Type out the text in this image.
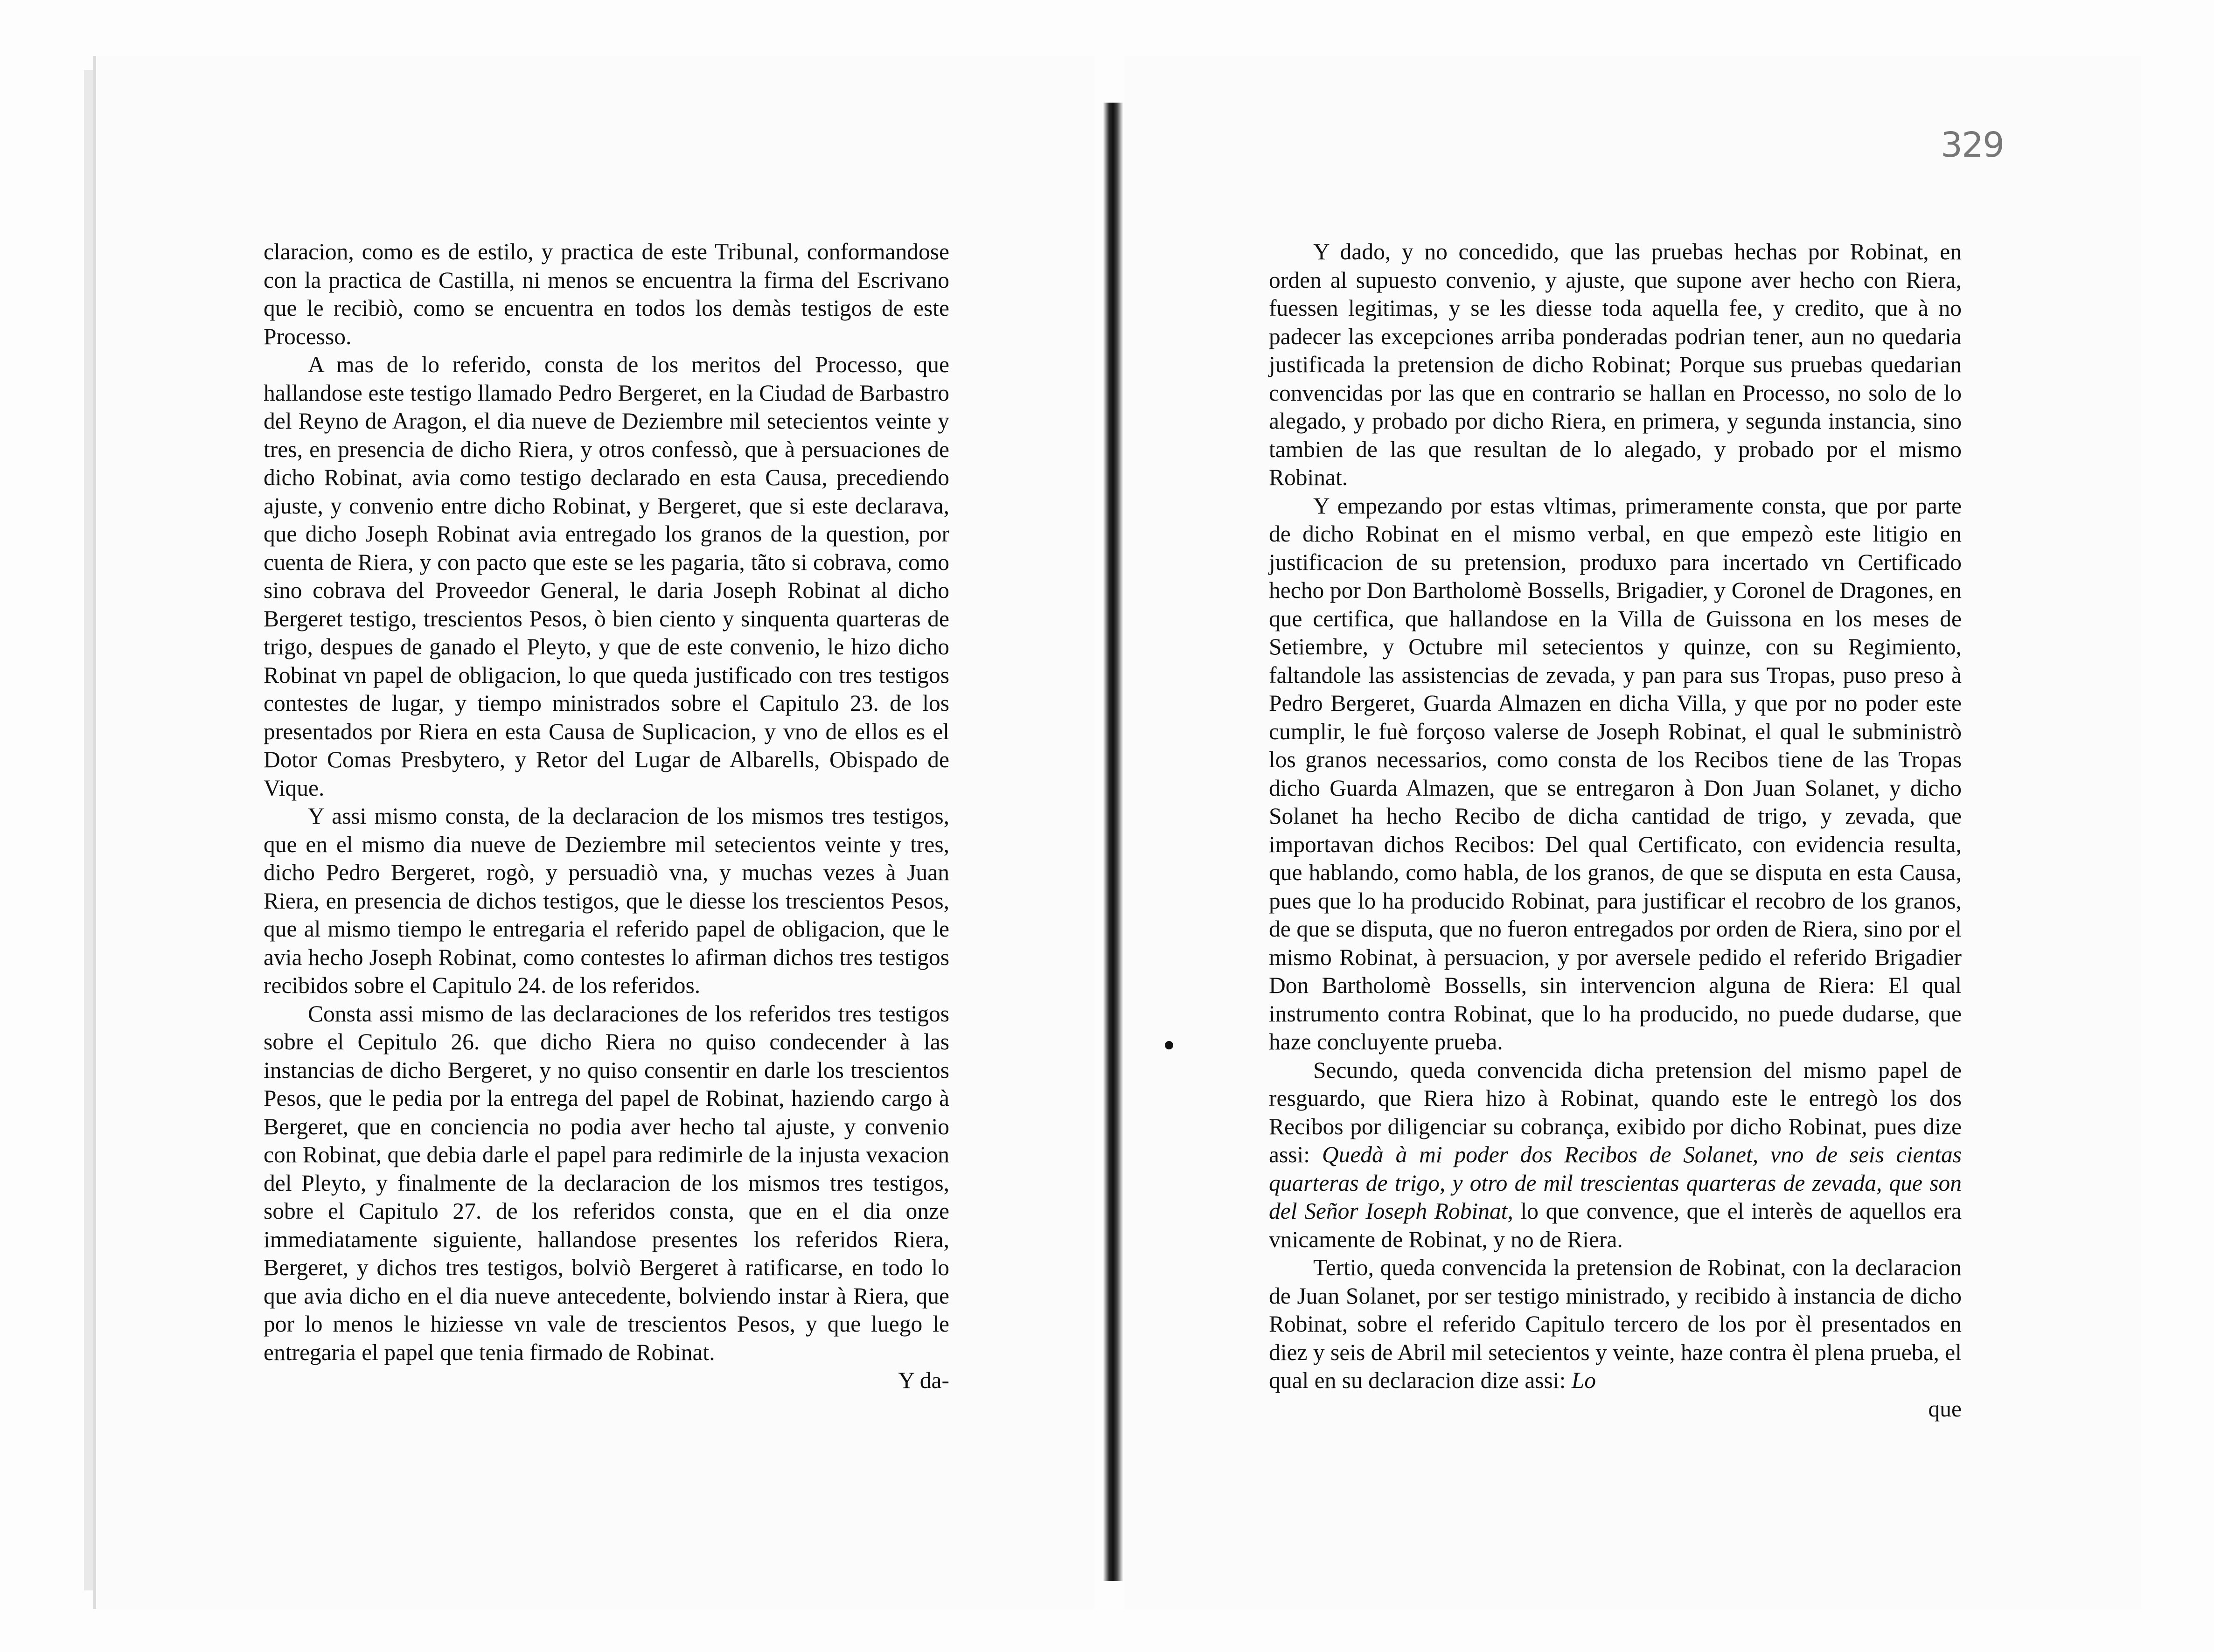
329

claracion, como es de estilo, y practica de este Tribunal, conformandose con la practica de Castilla, ni menos se encuentra la firma del Escrivano que le recibiò, como se encuentra en todos los demàs testigos de este Processo.

A mas de lo referido, consta de los meritos del Processo, que hallandose este testigo llamado Pedro Bergeret, en la Ciudad de Barbastro del Reyno de Aragon, el dia nueve de Deziembre mil setecientos veinte y tres, en presencia de dicho Riera, y otros confessò, que à persuaciones de dicho Robinat, avia como testigo declarado en esta Causa, precediendo ajuste, y convenio entre dicho Robinat, y Bergeret, que si este declarava, que dicho Joseph Robinat avia entregado los granos de la question, por cuenta de Riera, y con pacto que este se les pagaria, tãto si cobrava, como sino cobrava del Proveedor General, le daria Joseph Robinat al dicho Bergeret testigo, trescientos Pesos, ò bien ciento y sinquenta quarteras de trigo, despues de ganado el Pleyto, y que de este convenio, le hizo dicho Robinat vn papel de obligacion, lo que queda justificado con tres testigos contestes de lugar, y tiempo ministrados sobre el Capitulo 23. de los presentados por Riera en esta Causa de Suplicacion, y vno de ellos es el Dotor Comas Presbytero, y Retor del Lugar de Albarells, Obispado de Vique.

Y assi mismo consta, de la declaracion de los mismos tres testigos, que en el mismo dia nueve de Deziembre mil setecientos veinte y tres, dicho Pedro Bergeret, rogò, y persuadiò vna, y muchas vezes à Juan Riera, en presencia de dichos testigos, que le diesse los trescientos Pesos, que al mismo tiempo le entregaria el referido papel de obligacion, que le avia hecho Joseph Robinat, como contestes lo afirman dichos tres testigos recibidos sobre el Capitulo 24. de los referidos.

Consta assi mismo de las declaraciones de los referidos tres testigos sobre el Cepitulo 26. que dicho Riera no quiso condecender à las instancias de dicho Bergeret, y no quiso consentir en darle los trescientos Pesos, que le pedia por la entrega del papel de Robinat, haziendo cargo à Bergeret, que en conciencia no podia aver hecho tal ajuste, y convenio con Robinat, que debia darle el papel para redimirle de la injusta vexacion del Pleyto, y finalmente de la declaracion de los mismos tres testigos, sobre el Capitulo 27. de los referidos consta, que en el dia onze immediatamente siguiente, hallandose presentes los referidos Riera, Bergeret, y dichos tres testigos, bolviò Bergeret à ratificarse, en todo lo que avia dicho en el dia nueve antecedente, bolviendo instar à Riera, que por lo menos le hiziesse vn vale de trescientos Pesos, y que luego le entregaria el papel que tenia firmado de Robinat.

Y da-

Y dado, y no concedido, que las pruebas hechas por Robinat, en orden al supuesto convenio, y ajuste, que supone aver hecho con Riera, fuessen legitimas, y se les diesse toda aquella fee, y credito, que à no padecer las excepciones arriba ponderadas podrian tener, aun no quedaria justificada la pretension de dicho Robinat; Porque sus pruebas quedarian convencidas por las que en contrario se hallan en Processo, no solo de lo alegado, y probado por dicho Riera, en primera, y segunda instancia, sino tambien de las que resultan de lo alegado, y probado por el mismo Robinat.

Y empezando por estas vltimas, primeramente consta, que por parte de dicho Robinat en el mismo verbal, en que empezò este litigio en justificacion de su pretension, produxo para incertado vn Certificado hecho por Don Bartholomè Bossells, Brigadier, y Coronel de Dragones, en que certifica, que hallandose en la Villa de Guissona en los meses de Setiembre, y Octubre mil setecientos y quinze, con su Regimiento, faltandole las assistencias de zevada, y pan para sus Tropas, puso preso à Pedro Bergeret, Guarda Almazen en dicha Villa, y que por no poder este cumplir, le fuè forçoso valerse de Joseph Robinat, el qual le subministrò los granos necessarios, como consta de los Recibos tiene de las Tropas dicho Guarda Almazen, que se entregaron à Don Juan Solanet, y dicho Solanet ha hecho Recibo de dicha cantidad de trigo, y zevada, que importavan dichos Recibos: Del qual Certificato, con evidencia resulta, que hablando, como habla, de los granos, de que se disputa en esta Causa, pues que lo ha producido Robinat, para justificar el recobro de los granos, de que se disputa, que no fueron entregados por orden de Riera, sino por el mismo Robinat, à persuacion, y por aversele pedido el referido Brigadier Don Bartholomè Bossells, sin intervencion alguna de Riera: El qual instrumento contra Robinat, que lo ha producido, no puede dudarse, que haze concluyente prueba.

Secundo, queda convencida dicha pretension del mismo papel de resguardo, que Riera hizo à Robinat, quando este le entregò los dos Recibos por diligenciar su cobrança, exibido por dicho Robinat, pues dize assi: Quedà à mi poder dos Recibos de Solanet, vno de seis cientas quarteras de trigo, y otro de mil trescientas quarteras de zevada, que son del Señor Ioseph Robinat, lo que convence, que el interès de aquellos era vnicamente de Robinat, y no de Riera.

Tertio, queda convencida la pretension de Robinat, con la declaracion de Juan Solanet, por ser testigo ministrado, y recibido à instancia de dicho Robinat, sobre el referido Capitulo tercero de los por èl presentados en diez y seis de Abril mil setecientos y veinte, haze contra èl plena prueba, el qual en su declaracion dize assi: Lo

que
